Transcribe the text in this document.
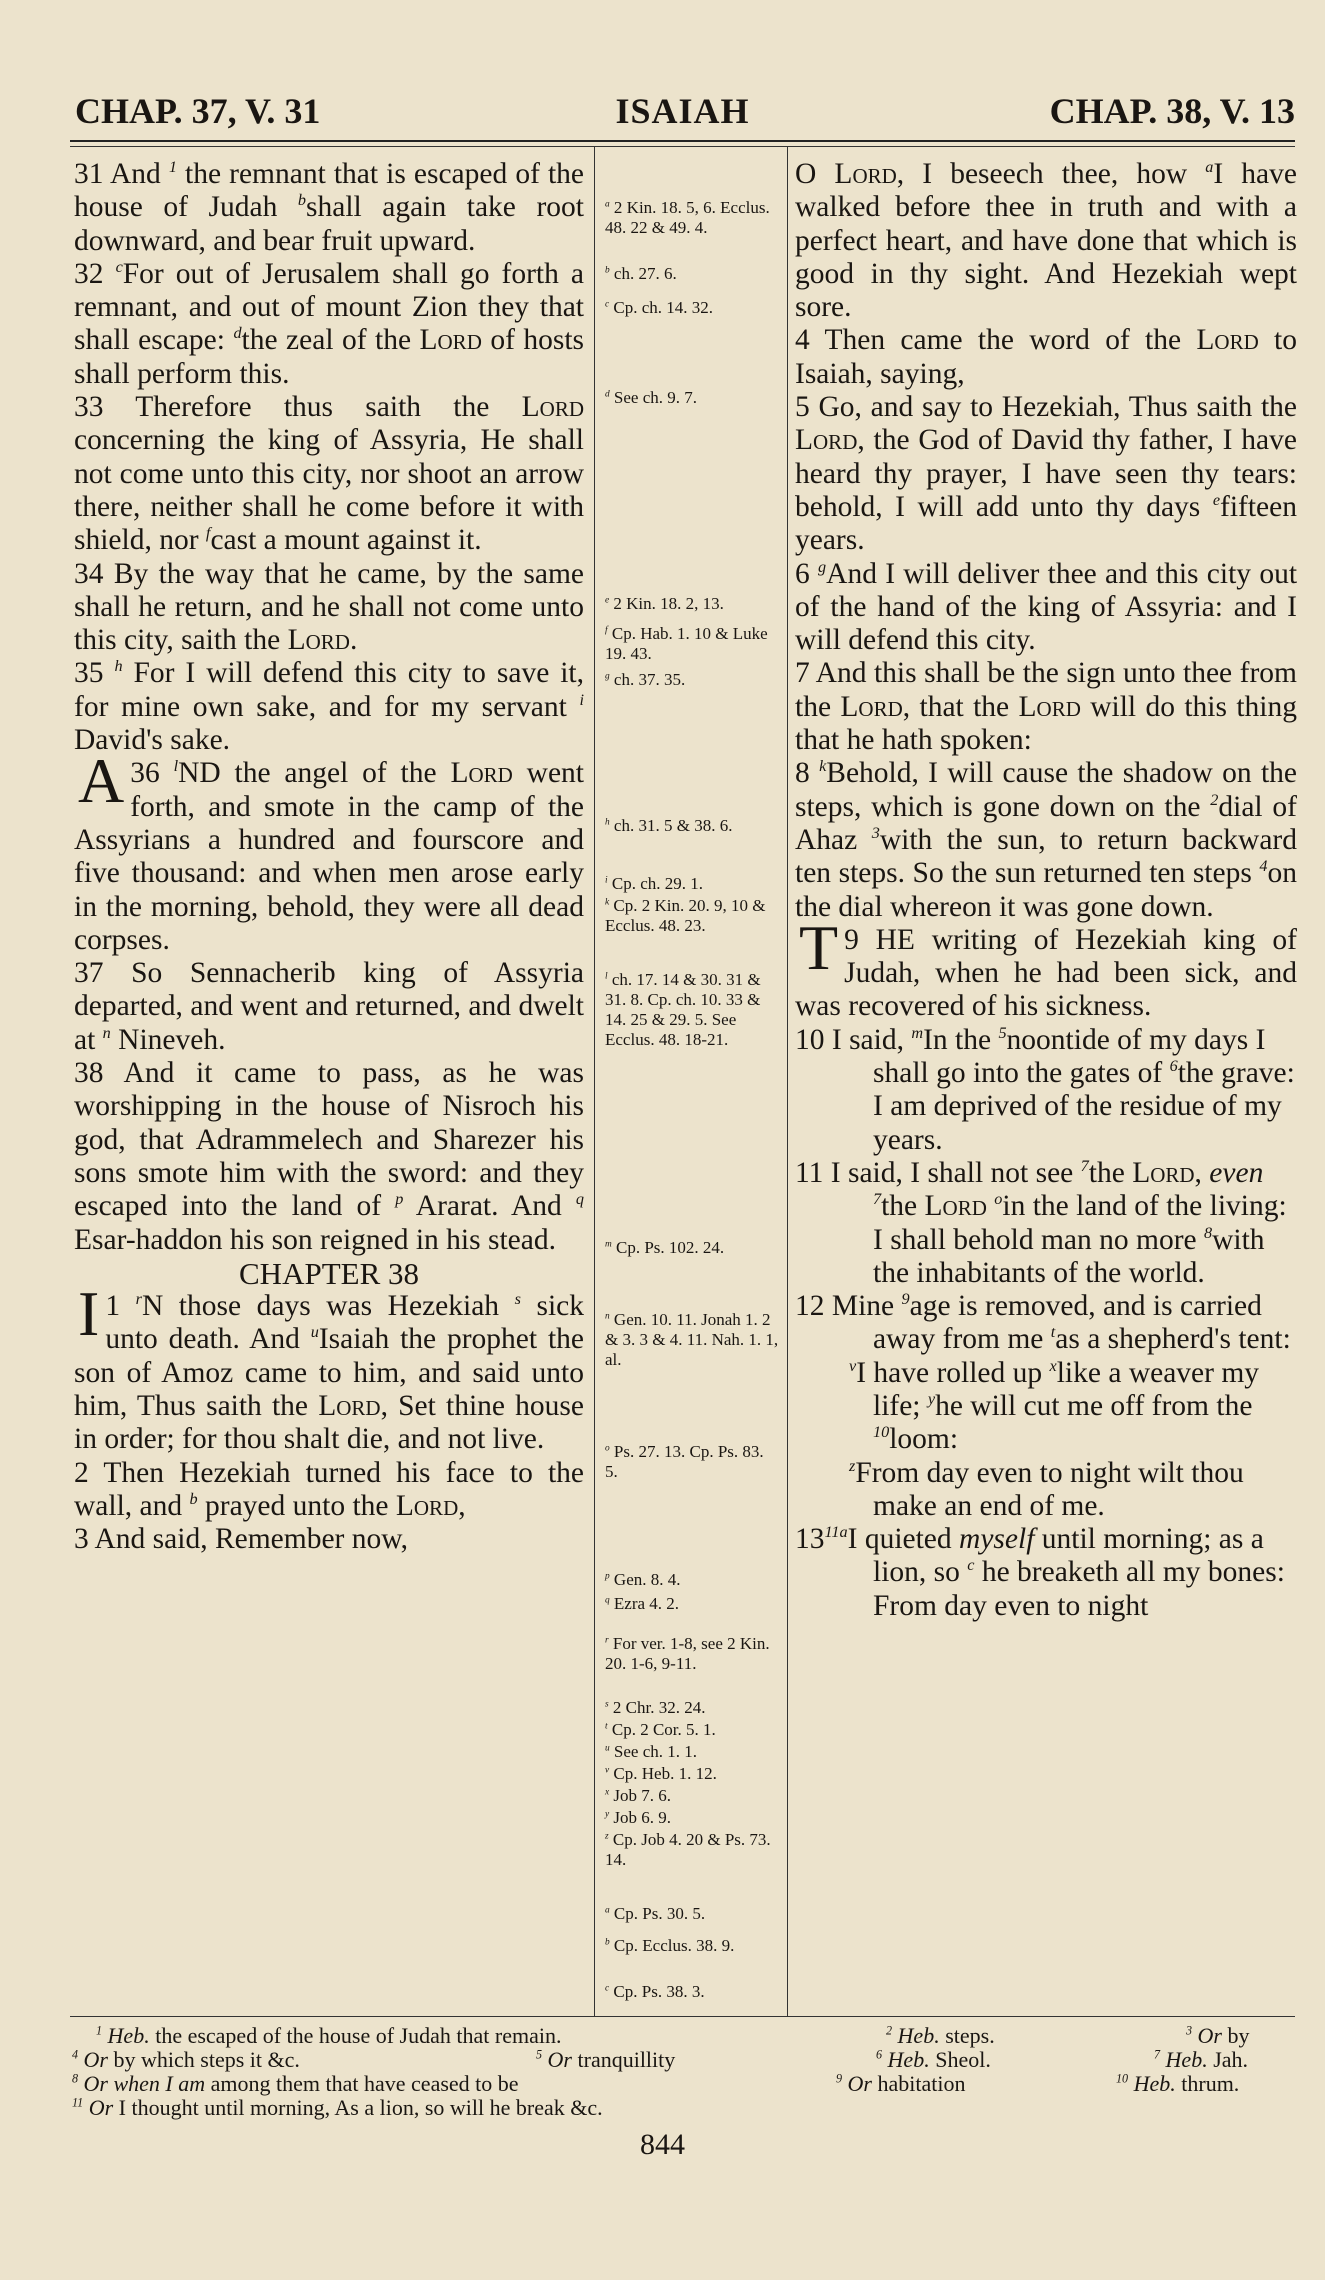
CHAP. 37, V. 31	ISAIAH	CHAP. 38, V. 13

31 And $^1$ the remnant that is escaped of the house of Judah $^b$shall again take root downward, and bear fruit upward.

32 $^c$For out of Jerusalem shall go forth a remnant, and out of mount Zion they that shall escape: $^d$the zeal of the Lord of hosts shall perform this.

33 Therefore thus saith the Lord concerning the king of Assyria, He shall not come unto this city, nor shoot an arrow there, neither shall he come before it with shield, nor $^f$cast a mount against it.

34 By the way that he came, by the same shall he return, and he shall not come unto this city, saith the Lord.

35 $^h$ For I will defend this city to save it, for mine own sake, and for my servant $^i$ David's sake.

36 $^l$
A ND the angel of the Lord went forth, and smote in the camp of the Assyrians a hundred and fourscore and five thousand: and when men arose early in the morning, behold, they were all dead corpses.

37 So Sennacherib king of Assyria departed, and went and returned, and dwelt at $^n$ Nineveh.

38 And it came to pass, as he was worshipping in the house of Nisroch his god, that Adrammelech and Sharezer his sons smote him with the sword: and they escaped into the land of $^p$ Ararat. And $^q$ Esar-haddon his son reigned in his stead.

CHAPTER 38

1 $^r$
I N those days was Hezekiah $^s$ sick unto death. And $^u$Isaiah the prophet the son of Amoz came to him, and said unto him, Thus saith the Lord, Set thine house in order; for thou shalt die, and not live.

2 Then Hezekiah turned his face to the wall, and $^b$ prayed unto the Lord,

3 And said, Remember now,

$^a$ 2 Kin. 18. 5, 6. Ecclus. 48. 22 & 49. 4.
$^b$ ch. 27. 6.
$^c$ Cp. ch. 14. 32.
$^d$ See ch. 9. 7.
$^e$ 2 Kin. 18. 2, 13.
$^f$ Cp. Hab. 1. 10 & Luke 19. 43.
$^g$ ch. 37. 35.
$^h$ ch. 31. 5 & 38. 6.
$^i$ Cp. ch. 29. 1.
$^k$ Cp. 2 Kin. 20. 9, 10 & Ecclus. 48. 23.
$^l$ ch. 17. 14 & 30. 31 & 31. 8. Cp. ch. 10. 33 & 14. 25 & 29. 5. See Ecclus. 48. 18-21.
$^m$ Cp. Ps. 102. 24.
$^n$ Gen. 10. 11. Jonah 1. 2 & 3. 3 & 4. 11. Nah. 1. 1, al.
$^o$ Ps. 27. 13. Cp. Ps. 83. 5.
$^p$ Gen. 8. 4.
$^q$ Ezra 4. 2.
$^r$ For ver. 1-8, see 2 Kin. 20. 1-6, 9-11.
$^s$ 2 Chr. 32. 24.
$^t$ Cp. 2 Cor. 5. 1.
$^u$ See ch. 1. 1.
$^v$ Cp. Heb. 1. 12.
$^x$ Job 7. 6.
$^y$ Job 6. 9.
$^z$ Cp. Job 4. 20 & Ps. 73. 14.
$^a$ Cp. Ps. 30. 5.
$^b$ Cp. Ecclus. 38. 9.
$^c$ Cp. Ps. 38. 3.

O Lord, I beseech thee, how $^a$I have walked before thee in truth and with a perfect heart, and have done that which is good in thy sight. And Hezekiah wept sore.

4 Then came the word of the Lord to Isaiah, saying,

5 Go, and say to Hezekiah, Thus saith the Lord, the God of David thy father, I have heard thy prayer, I have seen thy tears: behold, I will add unto thy days $^e$fifteen years.

6 $^g$And I will deliver thee and this city out of the hand of the king of Assyria: and I will defend this city.

7 And this shall be the sign unto thee from the Lord, that the Lord will do this thing that he hath spoken:

8 $^k$Behold, I will cause the shadow on the steps, which is gone down on the $^2$dial of Ahaz $^3$with the sun, to return backward ten steps. So the sun returned ten steps $^4$on the dial whereon it was gone down.

9
T HE writing of Hezekiah king of Judah, when he had been sick, and was recovered of his sickness.

10 I said, $^m$In the $^5$noontide of my days I shall go into the gates of $^6$the grave:

I am deprived of the residue of my years.

11 I said, I shall not see $^7$the Lord, even $^7$the Lord $^o$in the land of the living:

I shall behold man no more $^8$with the inhabitants of the world.

12 Mine $^9$age is removed, and is carried away from me $^t$as a shepherd's tent:

$^v$I have rolled up $^x$like a weaver my life; $^y$he will cut me off from the $^{10}$loom:

$^z$From day even to night wilt thou make an end of me.

$13^{11a}I$ quieted myself until morning; as a lion, so $^c$ he breaketh all my bones:

From day even to night

$^1$ Heb. the escaped of the house of Judah that remain.	$^2$ Heb. steps.	$^3$ Or by
$^4$ Or by which steps it &c.	$^5$ Or tranquillity	$^6$ Heb. Sheol.	$^7$ Heb. Jah.
$^8$ Or when I am among them that have ceased to be	$^9$ Or habitation	$^{10}$ Heb. thrum.
$^{11}$ Or I thought until morning, As a lion, so will he break &c.
844
